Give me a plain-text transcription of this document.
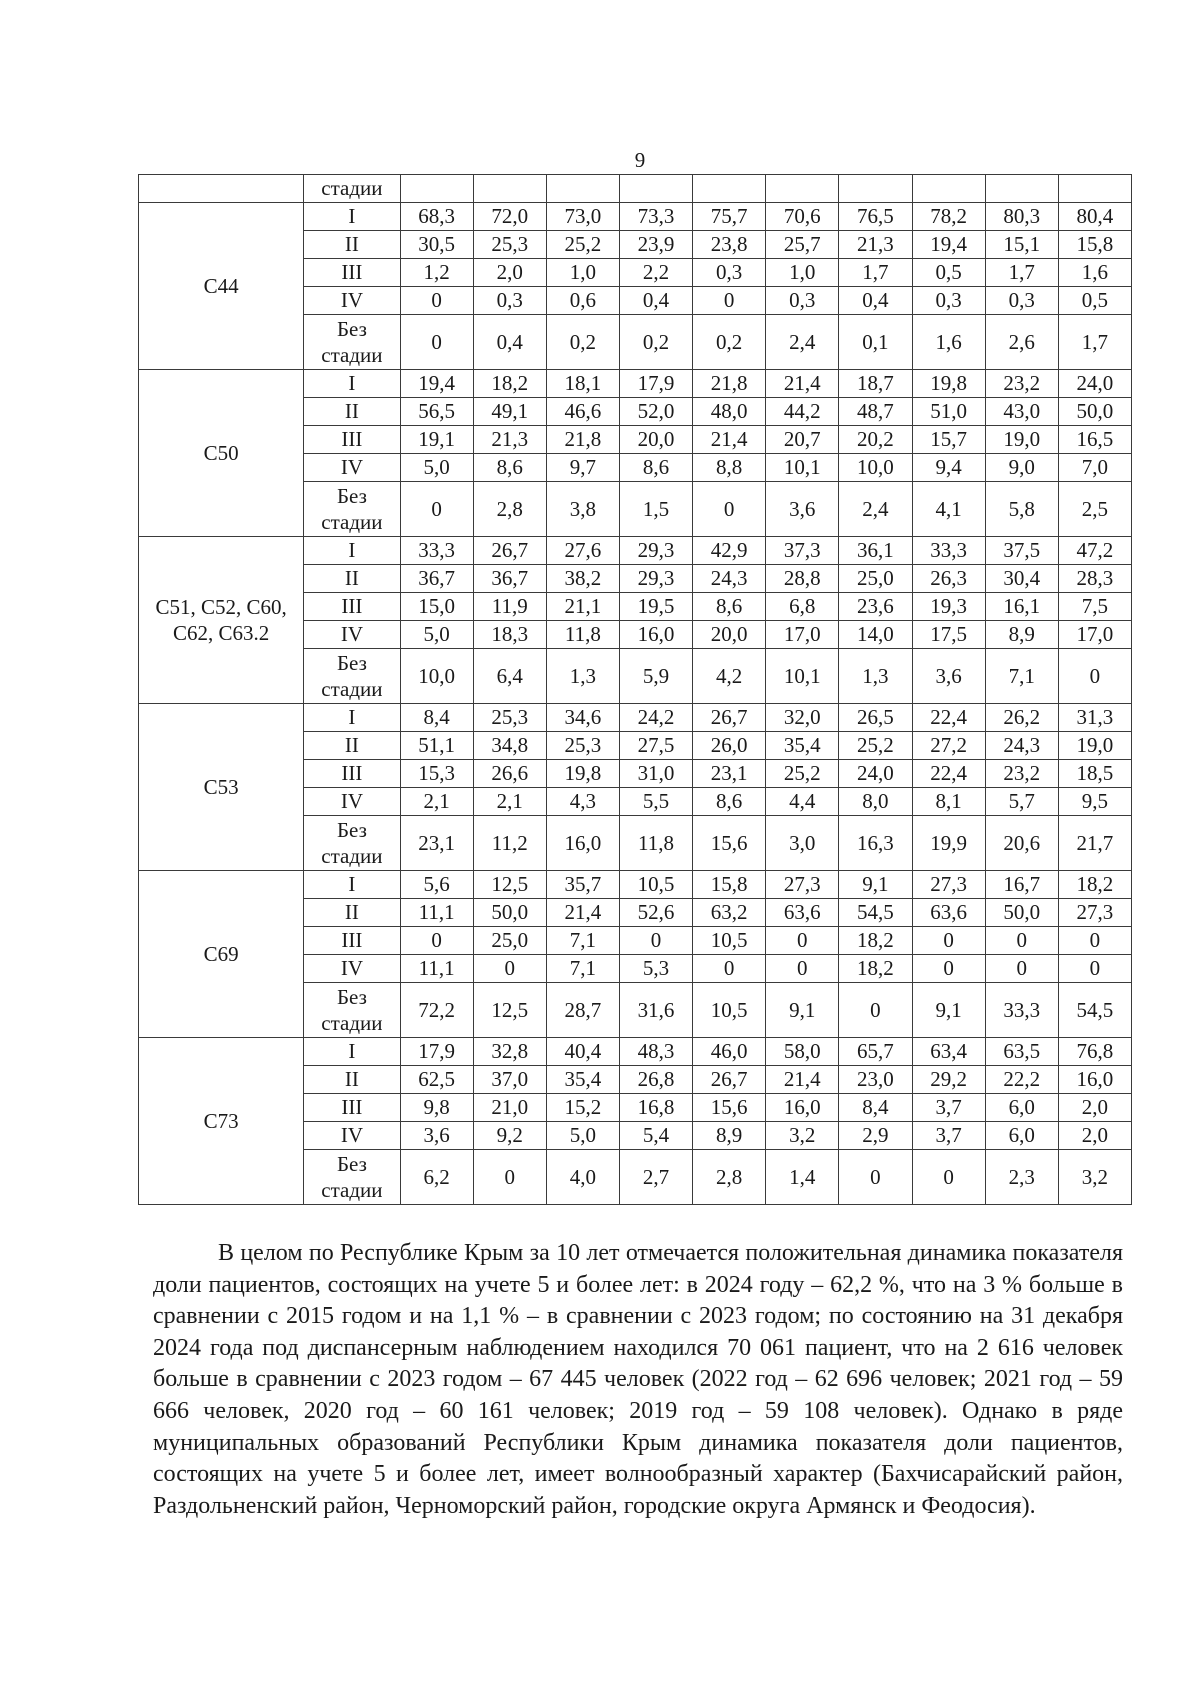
9
	стадии										
С44	I	68,3	72,0	73,0	73,3	75,7	70,6	76,5	78,2	80,3	80,4
	II	30,5	25,3	25,2	23,9	23,8	25,7	21,3	19,4	15,1	15,8
	III	1,2	2,0	1,0	2,2	0,3	1,0	1,7	0,5	1,7	1,6
	IV	0	0,3	0,6	0,4	0	0,3	0,4	0,3	0,3	0,5
	Без стадии	0	0,4	0,2	0,2	0,2	2,4	0,1	1,6	2,6	1,7
С50	I	19,4	18,2	18,1	17,9	21,8	21,4	18,7	19,8	23,2	24,0
	II	56,5	49,1	46,6	52,0	48,0	44,2	48,7	51,0	43,0	50,0
	III	19,1	21,3	21,8	20,0	21,4	20,7	20,2	15,7	19,0	16,5
	IV	5,0	8,6	9,7	8,6	8,8	10,1	10,0	9,4	9,0	7,0
	Без стадии	0	2,8	3,8	1,5	0	3,6	2,4	4,1	5,8	2,5
С51, С52, С60, С62, С63.2	I	33,3	26,7	27,6	29,3	42,9	37,3	36,1	33,3	37,5	47,2
	II	36,7	36,7	38,2	29,3	24,3	28,8	25,0	26,3	30,4	28,3
	III	15,0	11,9	21,1	19,5	8,6	6,8	23,6	19,3	16,1	7,5
	IV	5,0	18,3	11,8	16,0	20,0	17,0	14,0	17,5	8,9	17,0
	Без стадии	10,0	6,4	1,3	5,9	4,2	10,1	1,3	3,6	7,1	0
С53	I	8,4	25,3	34,6	24,2	26,7	32,0	26,5	22,4	26,2	31,3
	II	51,1	34,8	25,3	27,5	26,0	35,4	25,2	27,2	24,3	19,0
	III	15,3	26,6	19,8	31,0	23,1	25,2	24,0	22,4	23,2	18,5
	IV	2,1	2,1	4,3	5,5	8,6	4,4	8,0	8,1	5,7	9,5
	Без стадии	23,1	11,2	16,0	11,8	15,6	3,0	16,3	19,9	20,6	21,7
С69	I	5,6	12,5	35,7	10,5	15,8	27,3	9,1	27,3	16,7	18,2
	II	11,1	50,0	21,4	52,6	63,2	63,6	54,5	63,6	50,0	27,3
	III	0	25,0	7,1	0	10,5	0	18,2	0	0	0
	IV	11,1	0	7,1	5,3	0	0	18,2	0	0	0
	Без стадии	72,2	12,5	28,7	31,6	10,5	9,1	0	9,1	33,3	54,5
С73	I	17,9	32,8	40,4	48,3	46,0	58,0	65,7	63,4	63,5	76,8
	II	62,5	37,0	35,4	26,8	26,7	21,4	23,0	29,2	22,2	16,0
	III	9,8	21,0	15,2	16,8	15,6	16,0	8,4	3,7	6,0	2,0
	IV	3,6	9,2	5,0	5,4	8,9	3,2	2,9	3,7	6,0	2,0
	Без стадии	6,2	0	4,0	2,7	2,8	1,4	0	0	2,3	3,2
В целом по Республике Крым за 10 лет отмечается положительная динамика показателя доли пациентов, состоящих на учете 5 и более лет: в 2024 году – 62,2 %, что на 3 % больше в сравнении с 2015 годом и на 1,1 % – в сравнении с 2023 годом; по состоянию на 31 декабря 2024 года под диспансерным наблюдением находился 70 061 пациент, что на 2 616 человек больше в сравнении с 2023 годом – 67 445 человек (2022 год – 62 696 человек; 2021 год – 59 666 человек, 2020 год – 60 161 человек; 2019 год – 59 108 человек). Однако в ряде муниципальных образований Республики Крым динамика показателя доли пациентов, состоящих на учете 5 и более лет, имеет волнообразный характер (Бахчисарайский район, Раздольненский район, Черноморский район, городские округа Армянск и Феодосия).
